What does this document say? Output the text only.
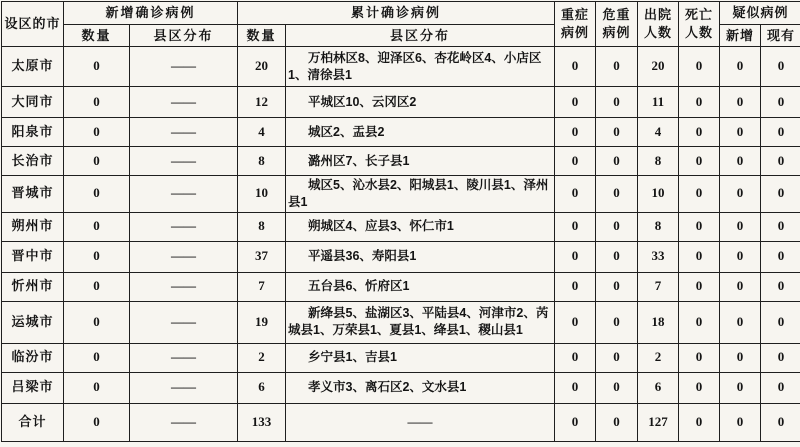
设区的市	新增确诊病例		累计确诊病例		重症病例	危重病例	出院人数	死亡人数	疑似病例	
	数量	县区分布	数量	县区分布					新增	现有
太原市	0	——	20	万柏林区8、迎泽区6、杏花岭区4、小店区1、清徐县1	0	0	20	0	0	0
大同市	0	——	12	平城区10、云冈区2	0	0	11	0	0	0
阳泉市	0	——	4	城区2、盂县2	0	0	4	0	0	0
长治市	0	——	8	潞州区7、长子县1	0	0	8	0	0	0
晋城市	0	——	10	城区5、沁水县2、阳城县1、陵川县1、泽州县1	0	0	10	0	0	0
朔州市	0	——	8	朔城区4、应县3、怀仁市1	0	0	8	0	0	0
晋中市	0	——	37	平遥县36、寿阳县1	0	0	33	0	0	0
忻州市	0	——	7	五台县6、忻府区1	0	0	7	0	0	0
运城市	0	——	19	新绛县5、盐湖区3、平陆县4、河津市2、芮城县1、万荣县1、夏县1、绛县1、稷山县1	0	0	18	0	0	0
临汾市	0	——	2	乡宁县1、吉县1	0	0	2	0	0	0
吕梁市	0	——	6	孝义市3、离石区2、文水县1	0	0	6	0	0	0
合计	0	——	133	——	0	0	127	0	0	0
